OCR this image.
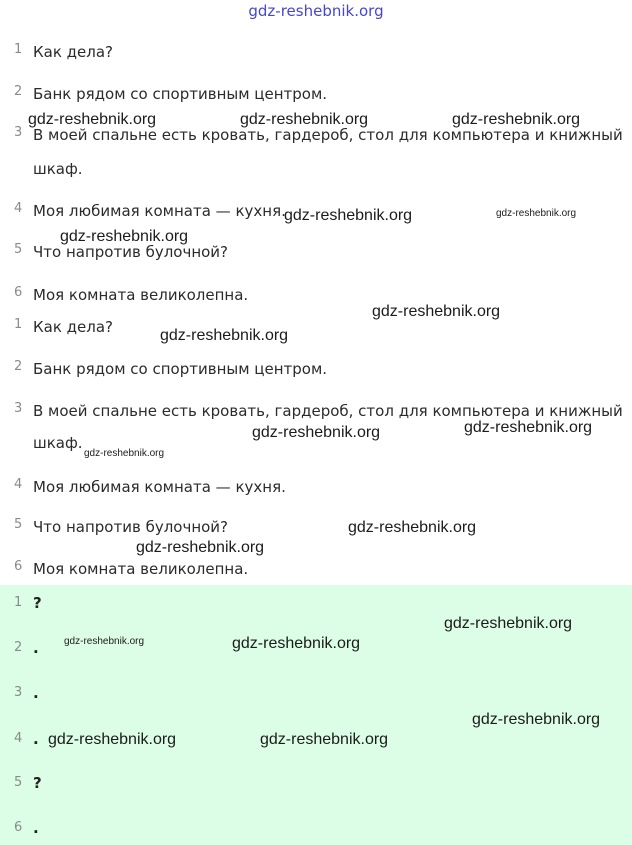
gdz-reshebnik.org
1 Как дела?
2 Банк рядом со спортивным центром.
3 В моей спальне есть кровать, гардероб, стол для компьютера и книжный
шкаф.
4 Моя любимая комната — кухня.
5 Что напротив булочной?
6 Моя комната великолепна.
1 Как дела?
2 Банк рядом со спортивным центром.
3 В моей спальне есть кровать, гардероб, стол для компьютера и книжный
шкаф.
4 Моя любимая комната — кухня.
5 Что напротив булочной?
6 Моя комната великолепна.
1 ?
2 .
3 .
4 .
5 ?
6 .
gdz-reshebnik.org	gdz-reshebnik.org	gdz-reshebnik.org
gdz-reshebnik.org	gdz-reshebnik.org
gdz-reshebnik.org
gdz-reshebnik.org
gdz-reshebnik.org
gdz-reshebnik.org	gdz-reshebnik.org
gdz-reshebnik.org
gdz-reshebnik.org
gdz-reshebnik.org
gdz-reshebnik.org
gdz-reshebnik.org	gdz-reshebnik.org
gdz-reshebnik.org
gdz-reshebnik.org	gdz-reshebnik.org
